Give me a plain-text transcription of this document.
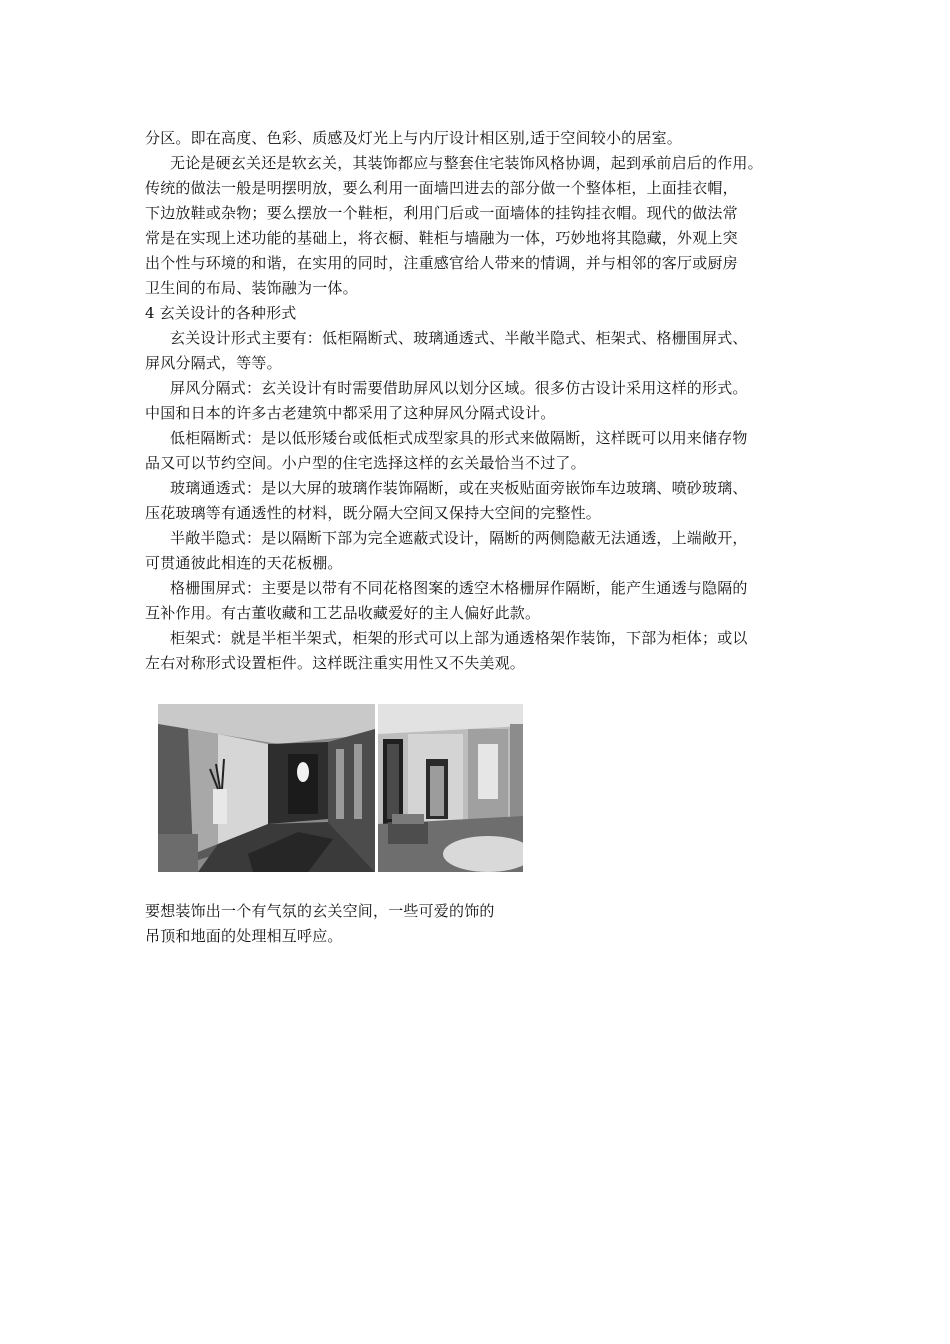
分区。即在高度、色彩、质感及灯光上与内厅设计相区别,适于空间较小的居室。
无论是硬玄关还是软玄关，其装饰都应与整套住宅装饰风格协调，起到承前启后的作用。
传统的做法一般是明摆明放，要么利用一面墙凹进去的部分做一个整体柜，上面挂衣帽，
下边放鞋或杂物；要么摆放一个鞋柜，利用门后或一面墙体的挂钩挂衣帽。现代的做法常
常是在实现上述功能的基础上，将衣橱、鞋柜与墙融为一体，巧妙地将其隐藏，外观上突
出个性与环境的和谐，在实用的同时，注重感官给人带来的情调，并与相邻的客厅或厨房
卫生间的布局、装饰融为一体。
4 玄关设计的各种形式
玄关设计形式主要有：低柜隔断式、玻璃通透式、半敞半隐式、柜架式、格栅围屏式、
屏风分隔式，等等。
屏风分隔式：玄关设计有时需要借助屏风以划分区域。很多仿古设计采用这样的形式。
中国和日本的许多古老建筑中都采用了这种屏风分隔式设计。
低柜隔断式：是以低形矮台或低柜式成型家具的形式来做隔断，这样既可以用来储存物
品又可以节约空间。小户型的住宅选择这样的玄关最恰当不过了。
玻璃通透式：是以大屏的玻璃作装饰隔断，或在夹板贴面旁嵌饰车边玻璃、喷砂玻璃、
压花玻璃等有通透性的材料，既分隔大空间又保持大空间的完整性。
半敞半隐式：是以隔断下部为完全遮蔽式设计，隔断的两侧隐蔽无法通透，上端敞开，
可贯通彼此相连的天花板棚。
格栅围屏式：主要是以带有不同花格图案的透空木格栅屏作隔断，能产生通透与隐隔的
互补作用。有古董收藏和工艺品收藏爱好的主人偏好此款。
柜架式：就是半柜半架式，柜架的形式可以上部为通透格架作装饰，下部为柜体；或以
左右对称形式设置柜件。这样既注重实用性又不失美观。
要想装饰出一个有气氛的玄关空间，一些可爱的饰的
吊顶和地面的处理相互呼应。
